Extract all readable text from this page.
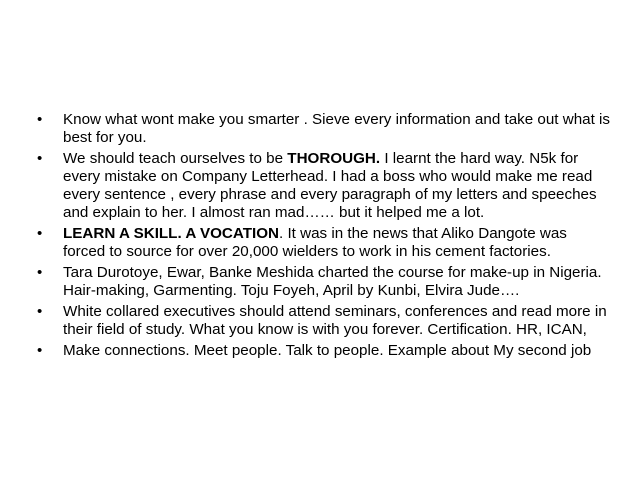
•	Know what wont make you smarter . Sieve every information and take out what is best for you.
•	We should teach ourselves to be THOROUGH. I learnt the hard way. N5k for every mistake on Company Letterhead. I had a boss who would make me read every sentence , every phrase and every paragraph of my letters and speeches and explain to her. I almost ran mad…… but it helped me a lot.
•	LEARN A SKILL. A VOCATION. It was in the news that Aliko Dangote was forced to source for over 20,000 wielders to work in his cement factories.
•	Tara Durotoye, Ewar, Banke Meshida charted the course for make-up in Nigeria. Hair-making, Garmenting. Toju Foyeh, April by Kunbi, Elvira Jude….
•	White collared executives should attend seminars, conferences and read more in their field of study. What you know is with you forever. Certification. HR, ICAN,
•	Make connections. Meet people. Talk to people. Example about My second job
